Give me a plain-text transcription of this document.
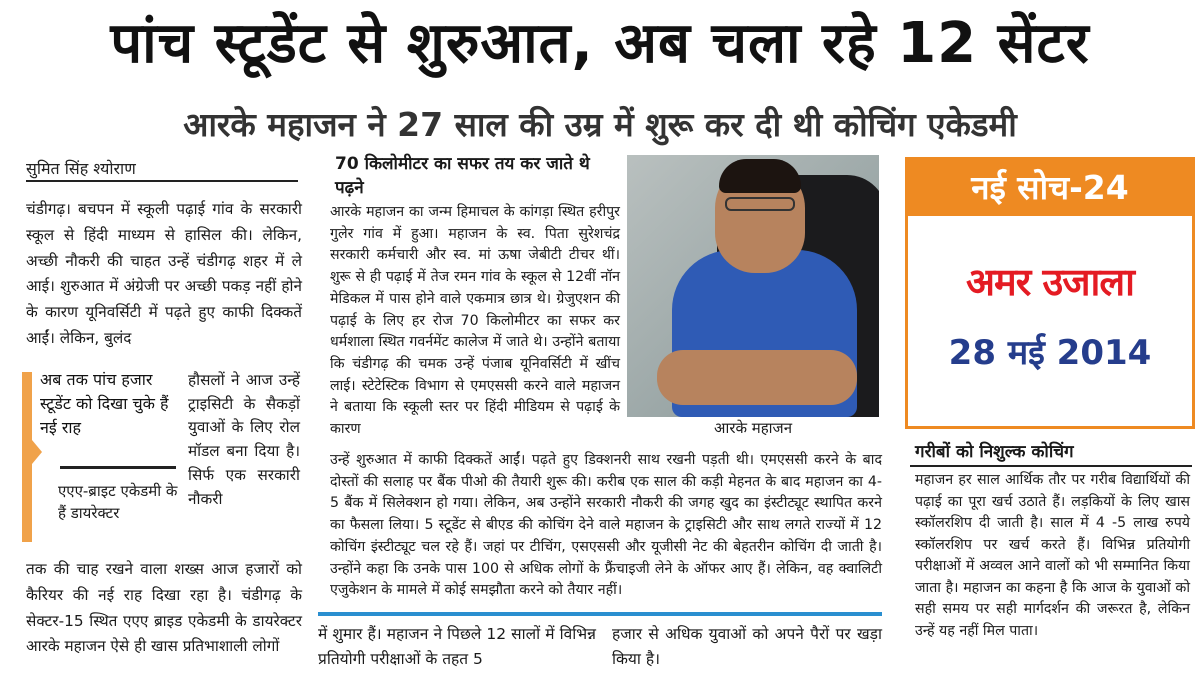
पांच स्टूडेंट से शुरुआत, अब चला रहे 12 सेंटर
आरके महाजन ने 27 साल की उम्र में शुरू कर दी थी कोचिंग एकेडमी
सुमित सिंह श्योराण

चंडीगढ़। बचपन में स्कूली पढ़ाई गांव के सरकारी स्कूल से हिंदी माध्यम से हासिल की। लेकिन, अच्छी नौकरी की चाहत उन्हें चंडीगढ़ शहर में ले आई। शुरुआत में अंग्रेजी पर अच्छी पकड़ नहीं होने के कारण यूनिवर्सिटी में पढ़ते हुए काफी दिक्कतें आईं। लेकिन, बुलंद

अब तक पांच हजार स्टूडेंट को दिखा चुके हैं नई राह
एएए-ब्राइट एकेडमी के हैं डायरेक्टर

हौसलों ने आज उन्हें ट्राइसिटी के सैकड़ों युवाओं के लिए रोल मॉडल बना दिया है। सिर्फ एक सरकारी नौकरी

तक की चाह रखने वाला शख्स आज हजारों को कैरियर की नई राह दिखा रहा है। चंडीगढ़ के सेक्टर-15 स्थित एएए ब्राइड एकेडमी के डायरेक्टर आरके महाजन ऐसे ही खास प्रतिभाशाली लोगों

70 किलोमीटर का सफर तय कर जाते थे पढ़ने

आरके महाजन का जन्म हिमाचल के कांगड़ा स्थित हरीपुर गुलेर गांव में हुआ। महाजन के स्व. पिता सुरेशचंद्र सरकारी कर्मचारी और स्व. मां ऊषा जेबीटी टीचर थीं। शुरू से ही पढ़ाई में तेज रमन गांव के स्कूल से 12वीं नॉन मेडिकल में पास होने वाले एकमात्र छात्र थे। ग्रेजुएशन की पढ़ाई के लिए हर रोज 70 किलोमीटर का सफर कर धर्मशाला स्थित गवर्नमेंट कालेज में जाते थे। उन्होंने बताया कि चंडीगढ़ की चमक उन्हें पंजाब यूनिवर्सिटी में खींच लाई। स्टेटेस्टिक विभाग से एमएससी करने वाले महाजन ने बताया कि स्कूली स्तर पर हिंदी मीडियम से पढ़ाई के कारण	आरके महाजन

उन्हें शुरुआत में काफी दिक्कतें आईं। पढ़ते हुए डिक्शनरी साथ रखनी पड़ती थी। एमएससी करने के बाद दोस्तों की सलाह पर बैंक पीओ की तैयारी शुरू की। करीब एक साल की कड़ी मेहनत के बाद महाजन का 4-5 बैंक में सिलेक्शन हो गया। लेकिन, अब उन्होंने सरकारी नौकरी की जगह खुद का इंस्टीट्यूट स्थापित करने का फैसला लिया। 5 स्टूडेंट से बीएड की कोचिंग देने वाले महाजन के ट्राइसिटी और साथ लगते राज्यों में 12 कोचिंग इंस्टीट्यूट चल रहे हैं। जहां पर टीचिंग, एसएससी और यूजीसी नेट की बेहतरीन कोचिंग दी जाती है। उन्होंने कहा कि उनके पास 100 से अधिक लोगों के फ्रैंचाइजी लेने के ऑफर आए हैं। लेकिन, वह क्वालिटी एजुकेशन के मामले में कोई समझौता करने को तैयार नहीं।

में शुमार हैं। महाजन ने पिछले 12 सालों में विभिन्न प्रतियोगी परीक्षाओं के तहत 5

हजार से अधिक युवाओं को अपने पैरों पर खड़ा किया है।

नई सोच-24
अमर उजाला
28 मई 2014
गरीबों को निशुल्क कोचिंग

महाजन हर साल आर्थिक तौर पर गरीब विद्यार्थियों की पढ़ाई का पूरा खर्च उठाते हैं। लड़कियों के लिए खास स्कॉलरशिप दी जाती है। साल में 4 -5 लाख रुपये स्कॉलरशिप पर खर्च करते हैं। विभिन्न प्रतियोगी परीक्षाओं में अव्वल आने वालों को भी सम्मानित किया जाता है। महाजन का कहना है कि आज के युवाओं को सही समय पर सही मार्गदर्शन की जरूरत है, लेकिन उन्हें यह नहीं मिल पाता।
